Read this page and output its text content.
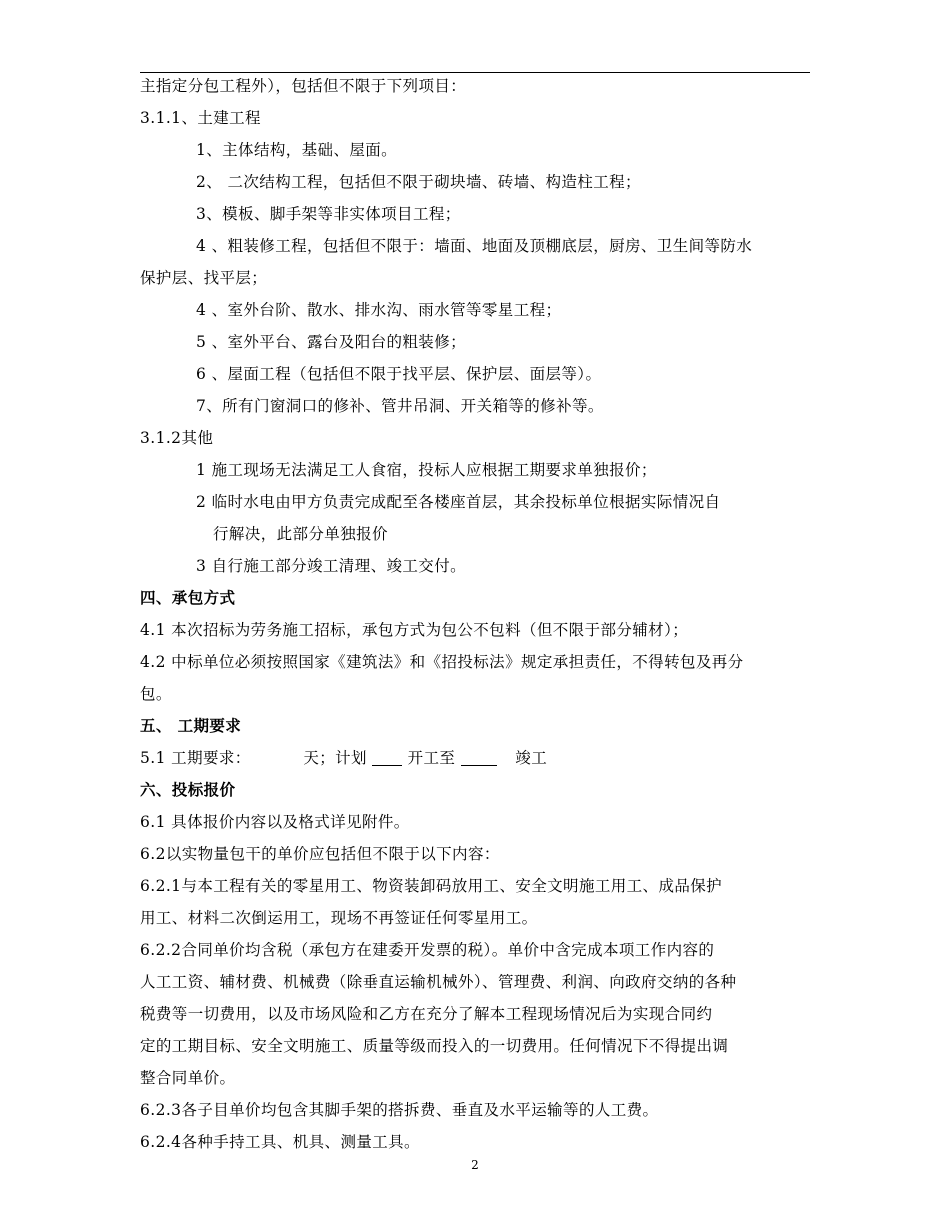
主指定分包工程外），包括但不限于下列项目：
3.1.1、土建工程
1、主体结构，基础、屋面。
2、 二次结构工程，包括但不限于砌块墙、砖墙、构造柱工程；
3、模板、脚手架等非实体项目工程；
4 、粗装修工程，包括但不限于：墙面、地面及顶棚底层，厨房、卫生间等防水
保护层、找平层；
4 、室外台阶、散水、排水沟、雨水管等零星工程；
5 、室外平台、露台及阳台的粗装修；
6 、屋面工程（包括但不限于找平层、保护层、面层等）。
7、所有门窗洞口的修补、管井吊洞、开关箱等的修补等。
3.1.2其他
1 施工现场无法满足工人食宿，投标人应根据工期要求单独报价；
2 临时水电由甲方负责完成配至各楼座首层，其余投标单位根据实际情况自
行解决，此部分单独报价
3 自行施工部分竣工清理、竣工交付。
四、承包方式
4.1 本次招标为劳务施工招标，承包方式为包公不包料（但不限于部分辅材）；
4.2 中标单位必须按照国家《建筑法》和《招投标法》规定承担责任，不得转包及再分
包。
五、 工期要求
5.1 工期要求：	天；计划	开工至	竣工
六、投标报价
6.1 具体报价内容以及格式详见附件。
6.2以实物量包干的单价应包括但不限于以下内容：
6.2.1与本工程有关的零星用工、物资装卸码放用工、安全文明施工用工、成品保护
用工、材料二次倒运用工，现场不再签证任何零星用工。
6.2.2合同单价均含税（承包方在建委开发票的税）。单价中含完成本项工作内容的
人工工资、辅材费、机械费（除垂直运输机械外）、管理费、利润、向政府交纳的各种
税费等一切费用，以及市场风险和乙方在充分了解本工程现场情况后为实现合同约
定的工期目标、安全文明施工、质量等级而投入的一切费用。任何情况下不得提出调
整合同单价。
6.2.3各子目单价均包含其脚手架的搭拆费、垂直及水平运输等的人工费。
6.2.4各种手持工具、机具、测量工具。
2
